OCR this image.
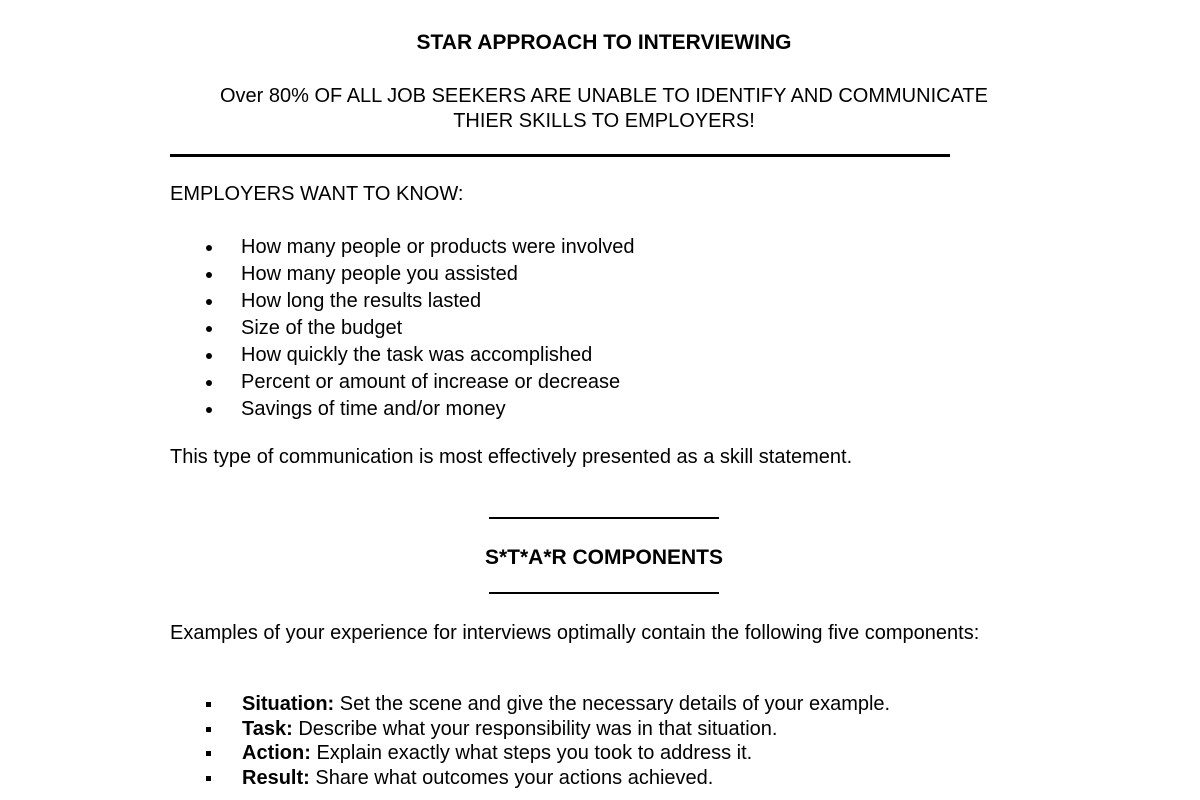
STAR APPROACH TO INTERVIEWING
Over 80% OF ALL JOB SEEKERS ARE UNABLE TO IDENTIFY AND COMMUNICATE
THIER SKILLS TO EMPLOYERS!

EMPLOYERS WANT TO KNOW:

How many people or products were involved
How many people you assisted
How long the results lasted
Size of the budget
How quickly the task was accomplished
Percent or amount of increase or decrease
Savings of time and/or money

This type of communication is most effectively presented as a skill statement.

S*T*A*R COMPONENTS

Examples of your experience for interviews optimally contain the following five components:

Situation: Set the scene and give the necessary details of your example.
Task: Describe what your responsibility was in that situation.
Action: Explain exactly what steps you took to address it.
Result: Share what outcomes your actions achieved.
